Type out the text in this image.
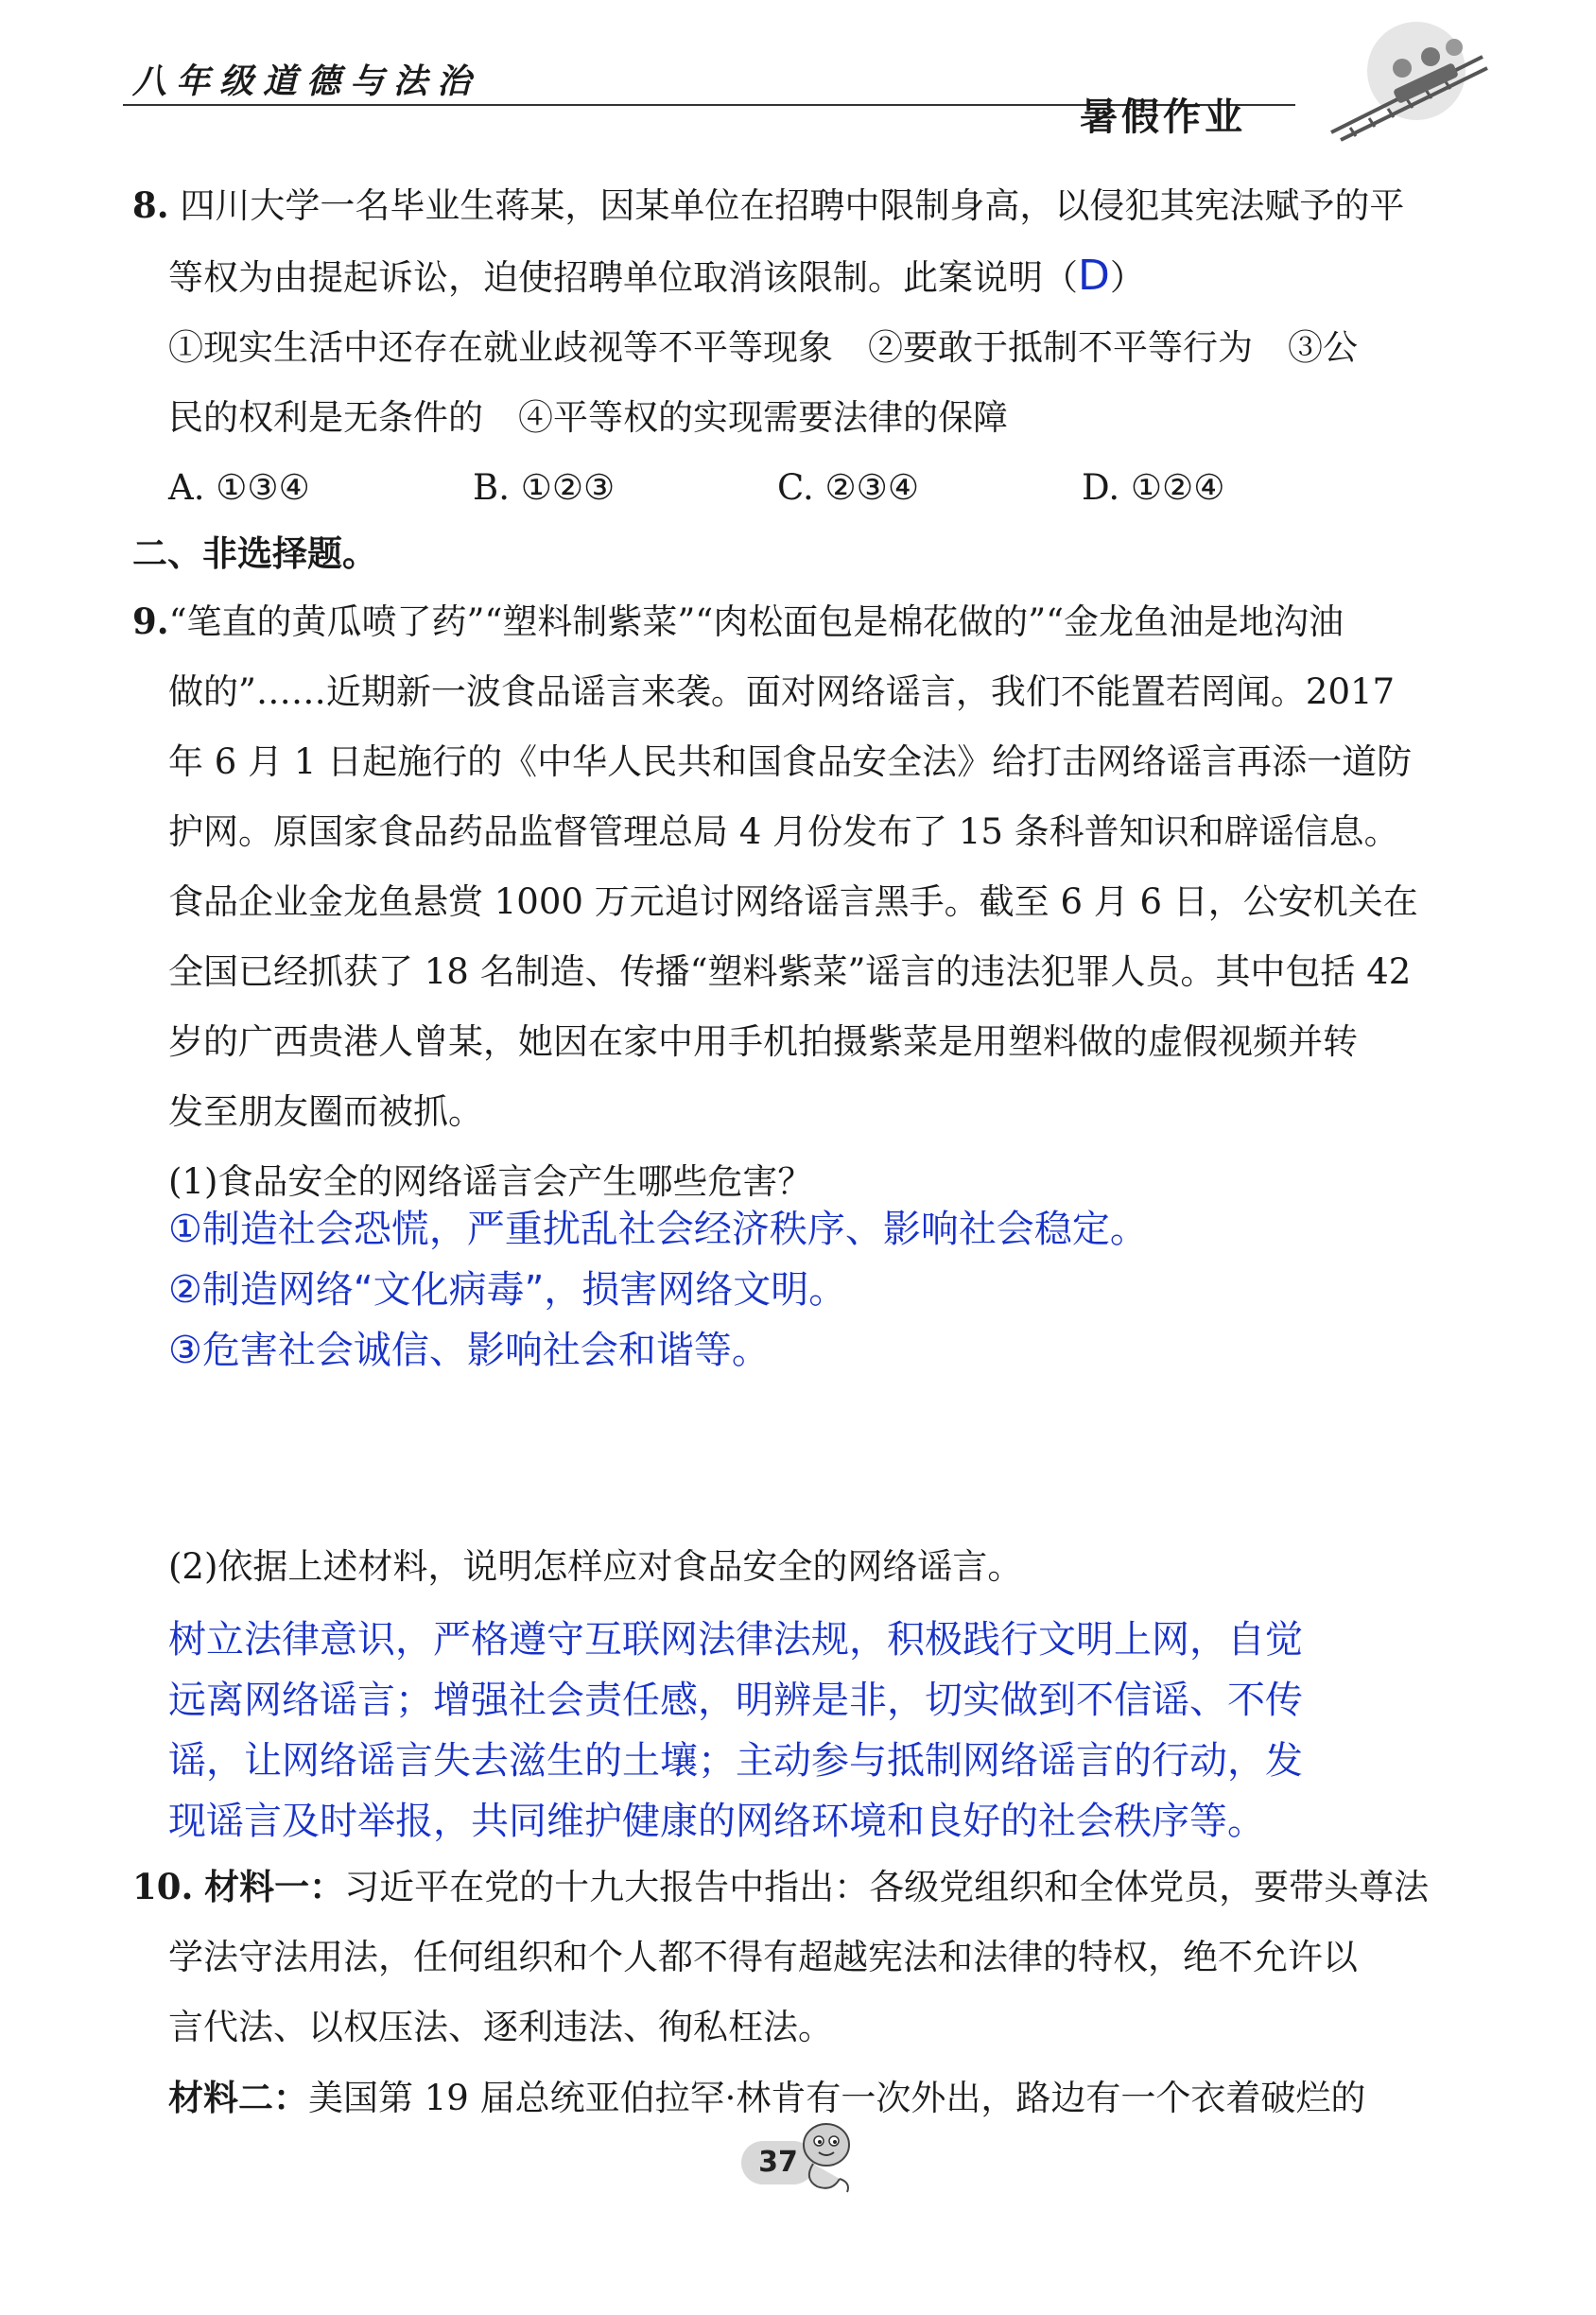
八年级道德与法治
暑假作业
8. 四川大学一名毕业生蒋某，因某单位在招聘中限制身高，以侵犯其宪法赋予的平
等权为由提起诉讼，迫使招聘单位取消该限制。此案说明（D）
①现实生活中还存在就业歧视等不平等现象　②要敢于抵制不平等行为　③公
民的权利是无条件的　④平等权的实现需要法律的保障
A. ①③④	B. ①②③	C. ②③④	D. ①②④
二、非选择题。
9.“笔直的黄瓜喷了药”“塑料制紫菜”“肉松面包是棉花做的”“金龙鱼油是地沟油
做的”……近期新一波食品谣言来袭。面对网络谣言，我们不能置若罔闻。2017
年 6 月 1 日起施行的《中华人民共和国食品安全法》给打击网络谣言再添一道防
护网。原国家食品药品监督管理总局 4 月份发布了 15 条科普知识和辟谣信息。
食品企业金龙鱼悬赏 1000 万元追讨网络谣言黑手。截至 6 月 6 日，公安机关在
全国已经抓获了 18 名制造、传播“塑料紫菜”谣言的违法犯罪人员。其中包括 42
岁的广西贵港人曾某，她因在家中用手机拍摄紫菜是用塑料做的虚假视频并转
发至朋友圈而被抓。
(1)食品安全的网络谣言会产生哪些危害？
①制造社会恐慌，严重扰乱社会经济秩序、影响社会稳定。
②制造网络“文化病毒”，损害网络文明。
③危害社会诚信、影响社会和谐等。
(2)依据上述材料，说明怎样应对食品安全的网络谣言。
树立法律意识，严格遵守互联网法律法规，积极践行文明上网，自觉
远离网络谣言；增强社会责任感，明辨是非，切实做到不信谣、不传
谣，让网络谣言失去滋生的土壤；主动参与抵制网络谣言的行动，发
现谣言及时举报，共同维护健康的网络环境和良好的社会秩序等。
10. 材料一：习近平在党的十九大报告中指出：各级党组织和全体党员，要带头尊法
学法守法用法，任何组织和个人都不得有超越宪法和法律的特权，绝不允许以
言代法、以权压法、逐利违法、徇私枉法。
材料二：美国第 19 届总统亚伯拉罕·林肯有一次外出，路边有一个衣着破烂的
37
